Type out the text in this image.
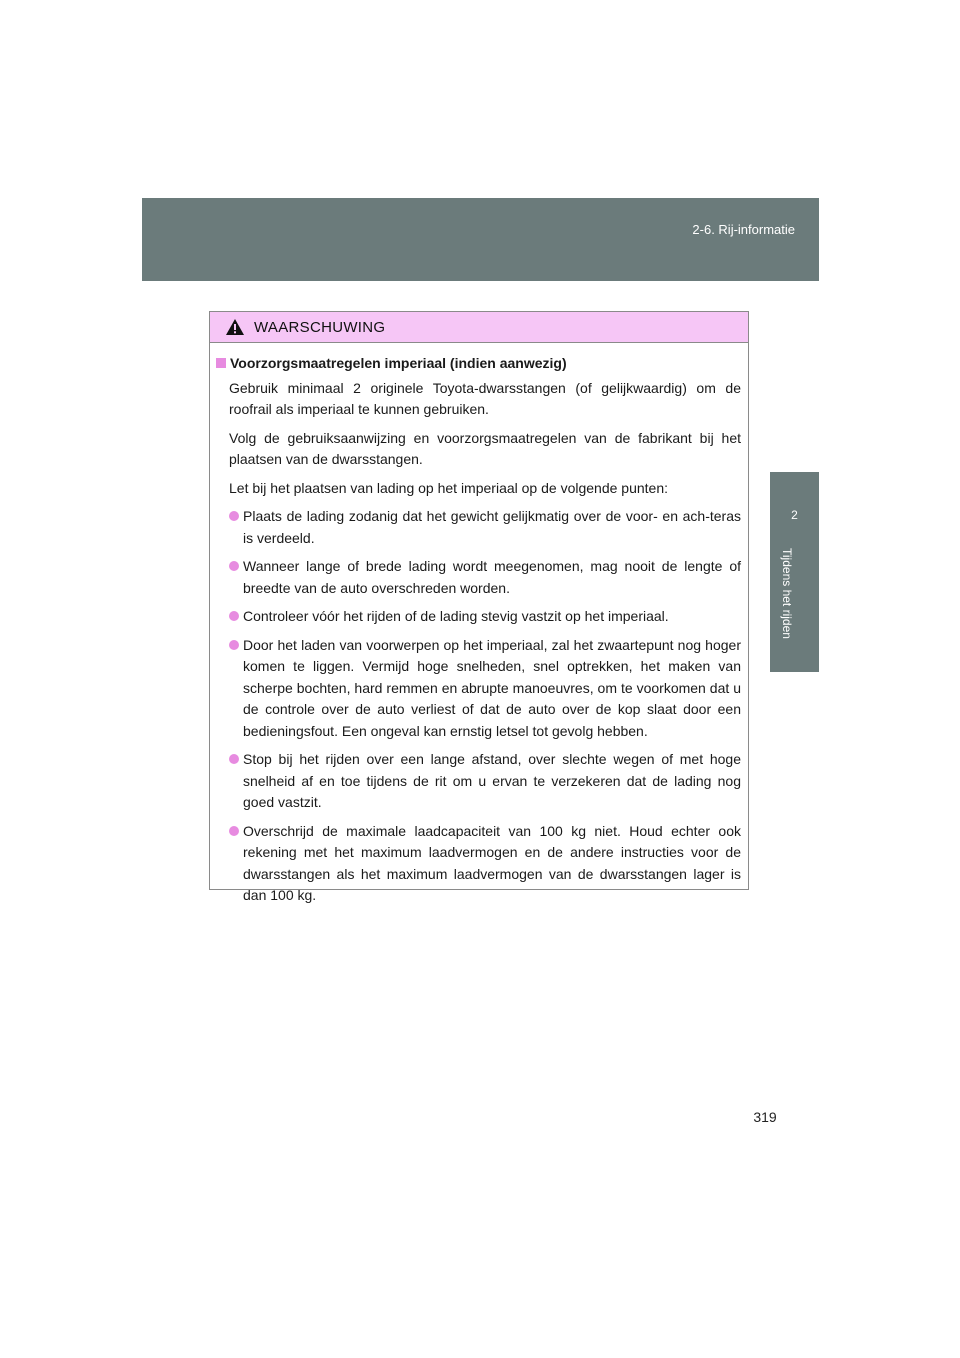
2-6. Rij-informatie
2
Tijdens het rijden
WAARSCHUWING
Voorzorgsmaatregelen imperiaal (indien aanwezig)

Gebruik minimaal 2 originele Toyota-dwarsstangen (of gelijkwaardig) om de roofrail als imperiaal te kunnen gebruiken.

Volg de gebruiksaanwijzing en voorzorgsmaatregelen van de fabrikant bij het plaatsen van de dwarsstangen.

Let bij het plaatsen van lading op het imperiaal op de volgende punten:

Plaats de lading zodanig dat het gewicht gelijkmatig over de voor- en ach-teras is verdeeld.
Wanneer lange of brede lading wordt meegenomen, mag nooit de lengte of breedte van de auto overschreden worden.
Controleer vóór het rijden of de lading stevig vastzit op het imperiaal.
Door het laden van voorwerpen op het imperiaal, zal het zwaartepunt nog hoger komen te liggen. Vermijd hoge snelheden, snel optrekken, het maken van scherpe bochten, hard remmen en abrupte manoeuvres, om te voorkomen dat u de controle over de auto verliest of dat de auto over de kop slaat door een bedieningsfout. Een ongeval kan ernstig letsel tot gevolg hebben.
Stop bij het rijden over een lange afstand, over slechte wegen of met hoge snelheid af en toe tijdens de rit om u ervan te verzekeren dat de lading nog goed vastzit.
Overschrijd de maximale laadcapaciteit van 100 kg niet. Houd echter ook rekening met het maximum laadvermogen en de andere instructies voor de dwarsstangen als het maximum laadvermogen van de dwarsstangen lager is dan 100 kg.
319
